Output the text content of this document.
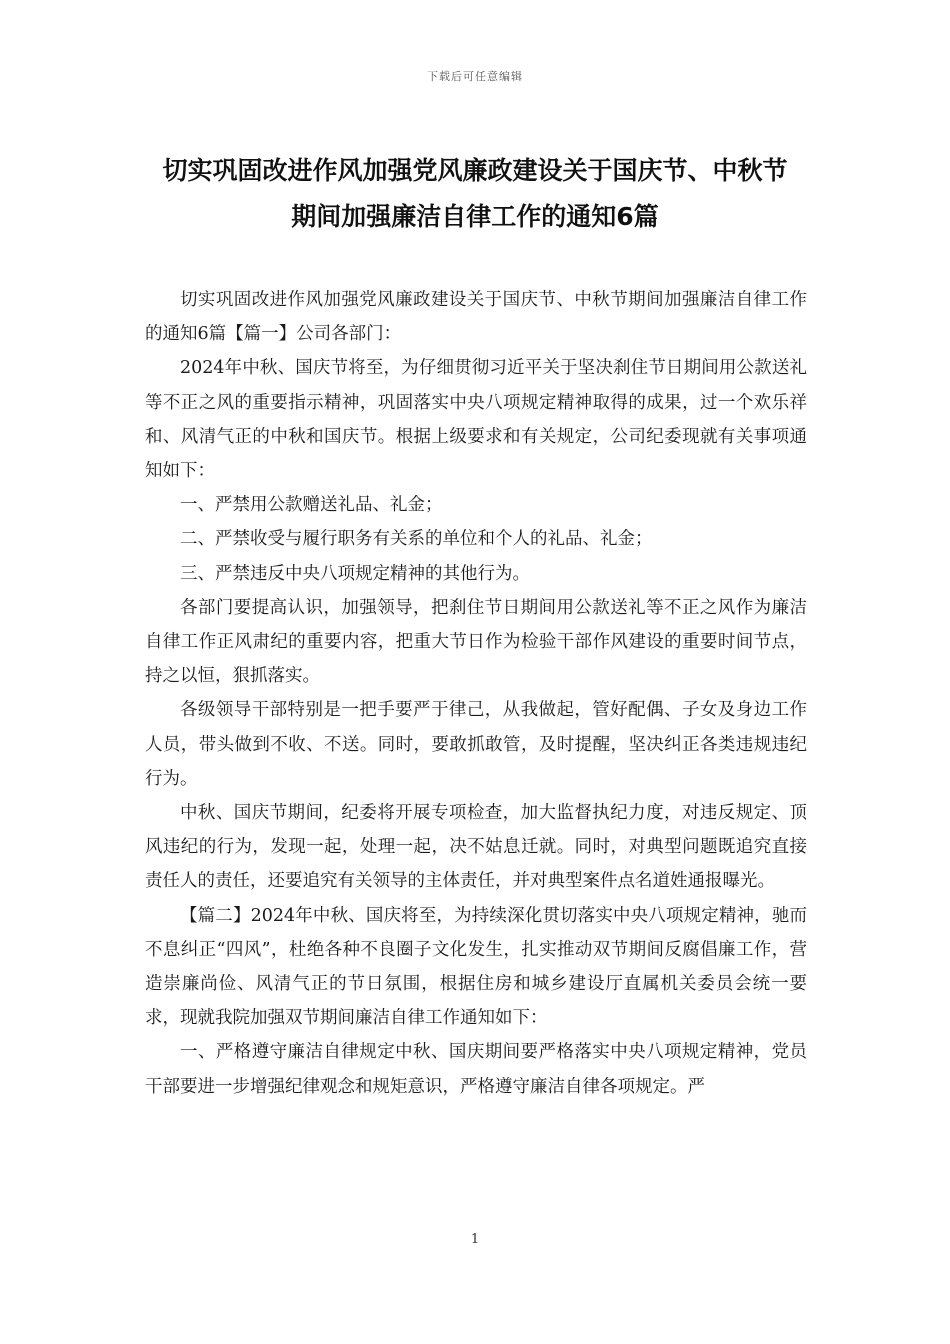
下载后可任意编辑
切实巩固改进作风加强党风廉政建设关于国庆节、中秋节
期间加强廉洁自律工作的通知6篇

切实巩固改进作风加强党风廉政建设关于国庆节、中秋节期间加强廉洁自律工作的通知6篇【篇一】公司各部门：

2024年中秋、国庆节将至，为仔细贯彻习近平关于坚决刹住节日期间用公款送礼等不正之风的重要指示精神，巩固落实中央八项规定精神取得的成果，过一个欢乐祥和、风清气正的中秋和国庆节。根据上级要求和有关规定，公司纪委现就有关事项通知如下：

一、严禁用公款赠送礼品、礼金；

二、严禁收受与履行职务有关系的单位和个人的礼品、礼金；

三、严禁违反中央八项规定精神的其他行为。

各部门要提高认识，加强领导，把刹住节日期间用公款送礼等不正之风作为廉洁自律工作正风肃纪的重要内容，把重大节日作为检验干部作风建设的重要时间节点，持之以恒，狠抓落实。

各级领导干部特别是一把手要严于律己，从我做起，管好配偶、子女及身边工作人员，带头做到不收、不送。同时，要敢抓敢管，及时提醒，坚决纠正各类违规违纪行为。

中秋、国庆节期间，纪委将开展专项检查，加大监督执纪力度，对违反规定、顶风违纪的行为，发现一起，处理一起，决不姑息迁就。同时，对典型问题既追究直接责任人的责任，还要追究有关领导的主体责任，并对典型案件点名道姓通报曝光。

【篇二】2024年中秋、国庆将至，为持续深化贯切落实中央八项规定精神，驰而不息纠正“四风”，杜绝各种不良圈子文化发生，扎实推动双节期间反腐倡廉工作，营造崇廉尚俭、风清气正的节日氛围，根据住房和城乡建设厅直属机关委员会统一要求，现就我院加强双节期间廉洁自律工作通知如下：

一、严格遵守廉洁自律规定中秋、国庆期间要严格落实中央八项规定精神，党员干部要进一步增强纪律观念和规矩意识，严格遵守廉洁自律各项规定。严

1
